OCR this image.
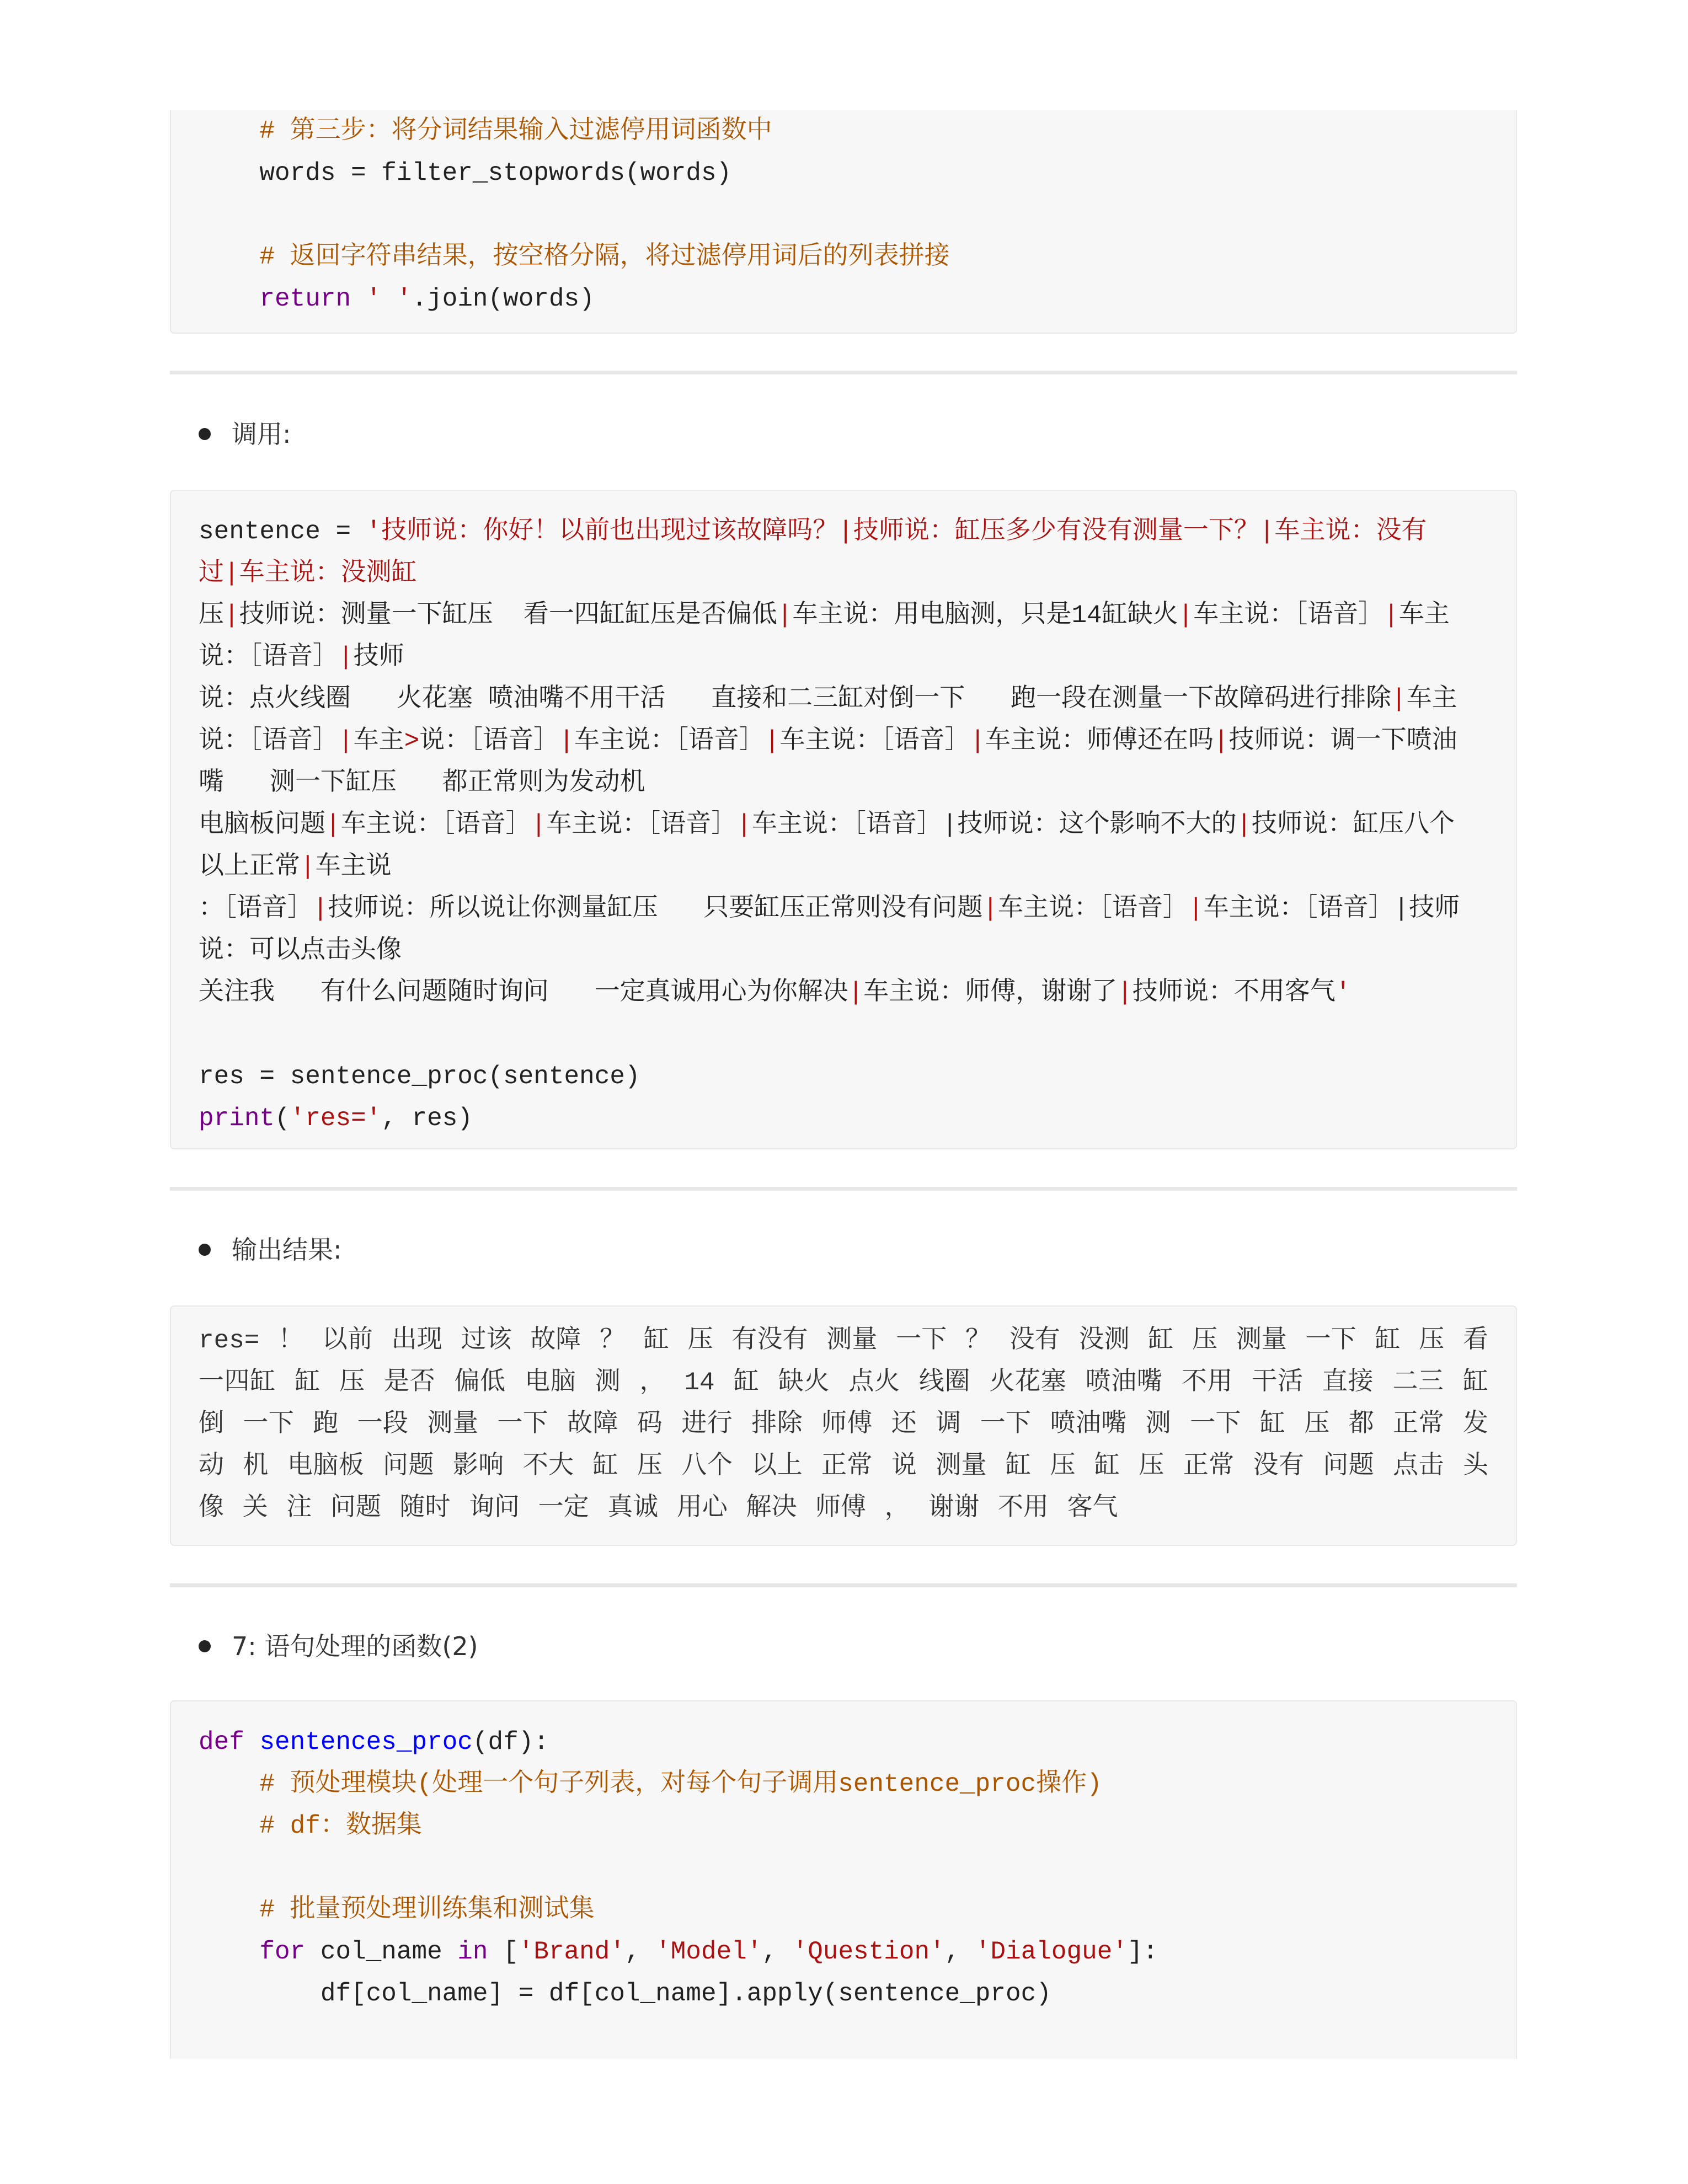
# 第三步：将分词结果输入过滤停用词函数中
words = filter_stopwords(words)
# 返回字符串结果，按空格分隔，将过滤停用词后的列表拼接
return ' '.join(words)
调用:
sentence = '技师说：你好！以前也出现过该故障吗？|技师说：缸压多少有没有测量一下？|车主说：没有
过|车主说：没测缸
压|技师说：测量一下缸压  看一四缸缸压是否偏低|车主说：用电脑测，只是14缸缺火|车主说：［语音］|车主
说：［语音］|技师
说：点火线圈   火花塞 喷油嘴不用干活   直接和二三缸对倒一下   跑一段在测量一下故障码进行排除|车主
说：［语音］|车主>说：［语音］|车主说：［语音］|车主说：［语音］|车主说：师傅还在吗|技师说：调一下喷油
嘴   测一下缸压   都正常则为发动机
电脑板问题|车主说：［语音］|车主说：［语音］|车主说：［语音］|技师说：这个影响不大的|技师说：缸压八个
以上正常|车主说
：［语音］|技师说：所以说让你测量缸压   只要缸压正常则没有问题|车主说：［语音］|车主说：［语音］|技师
说：可以点击头像
关注我   有什么问题随时询问   一定真诚用心为你解决|车主说：师傅，谢谢了|技师说：不用客气'
res = sentence_proc(sentence)
print('res=', res)
输出结果:
res= ！ 以前 出现 过该 故障 ？ 缸 压 有没有 测量 一下 ？ 没有 没测 缸 压 测量 一下 缸 压 看 一四缸 缸 压 是否 偏低 电脑 测 ， 14 缸 缺火 点火 线圈 火花塞 喷油嘴 不用 干活 直接 二三 缸 倒 一下 跑 一段 测量 一下 故障 码 进行 排除 师傅 还 调 一下 喷油嘴 测 一下 缸 压 都 正常 发动 机 电脑板 问题 影响 不大 缸 压 八个 以上 正常 说 测量 缸 压 缸 压 正常 没有 问题 点击 头像 关 注 问题 随时 询问 一定 真诚 用心 解决 师傅 ， 谢谢 不用 客气
7: 语句处理的函数(2)
def sentences_proc(df):
# 预处理模块(处理一个句子列表，对每个句子调用sentence_proc操作)
# df：数据集
# 批量预处理训练集和测试集
for col_name in ['Brand', 'Model', 'Question', 'Dialogue']:
df[col_name] = df[col_name].apply(sentence_proc)
